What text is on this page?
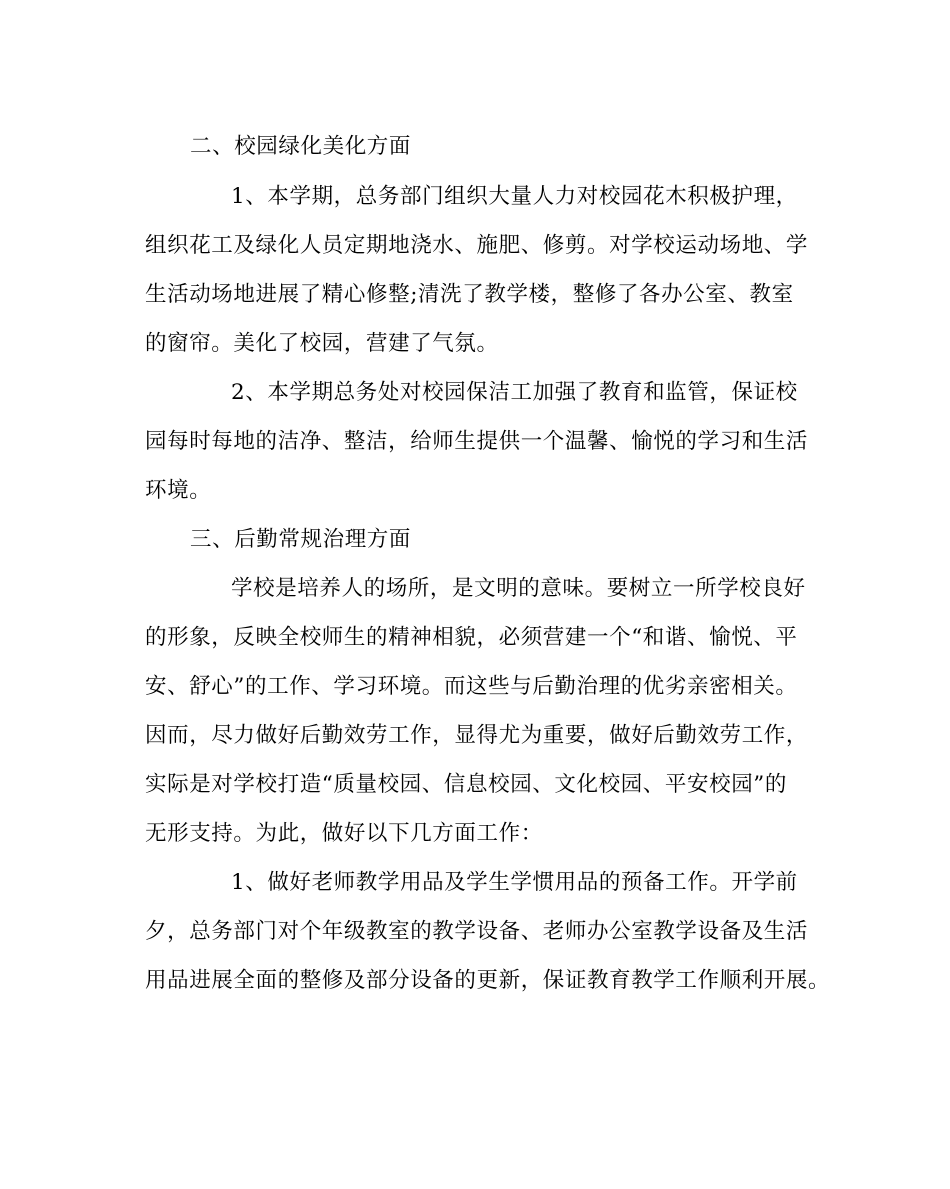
二、校园绿化美化方面
1、本学期，总务部门组织大量人力对校园花木积极护理，
组织花工及绿化人员定期地浇水、施肥、修剪。对学校运动场地、学
生活动场地进展了精心修整;清洗了教学楼，整修了各办公室、教室
的窗帘。美化了校园，营建了气氛。
2、本学期总务处对校园保洁工加强了教育和监管，保证校
园每时每地的洁净、整洁，给师生提供一个温馨、愉悦的学习和生活
环境。
三、后勤常规治理方面
学校是培养人的场所，是文明的意味。要树立一所学校良好
的形象，反映全校师生的精神相貌，必须营建一个“和谐、愉悦、平
安、舒心”的工作、学习环境。而这些与后勤治理的优劣亲密相关。
因而，尽力做好后勤效劳工作，显得尤为重要，做好后勤效劳工作，
实际是对学校打造“质量校园、信息校园、文化校园、平安校园”的
无形支持。为此，做好以下几方面工作：
1、做好老师教学用品及学生学惯用品的预备工作。开学前
夕，总务部门对个年级教室的教学设备、老师办公室教学设备及生活
用品进展全面的整修及部分设备的更新，保证教育教学工作顺利开展。
